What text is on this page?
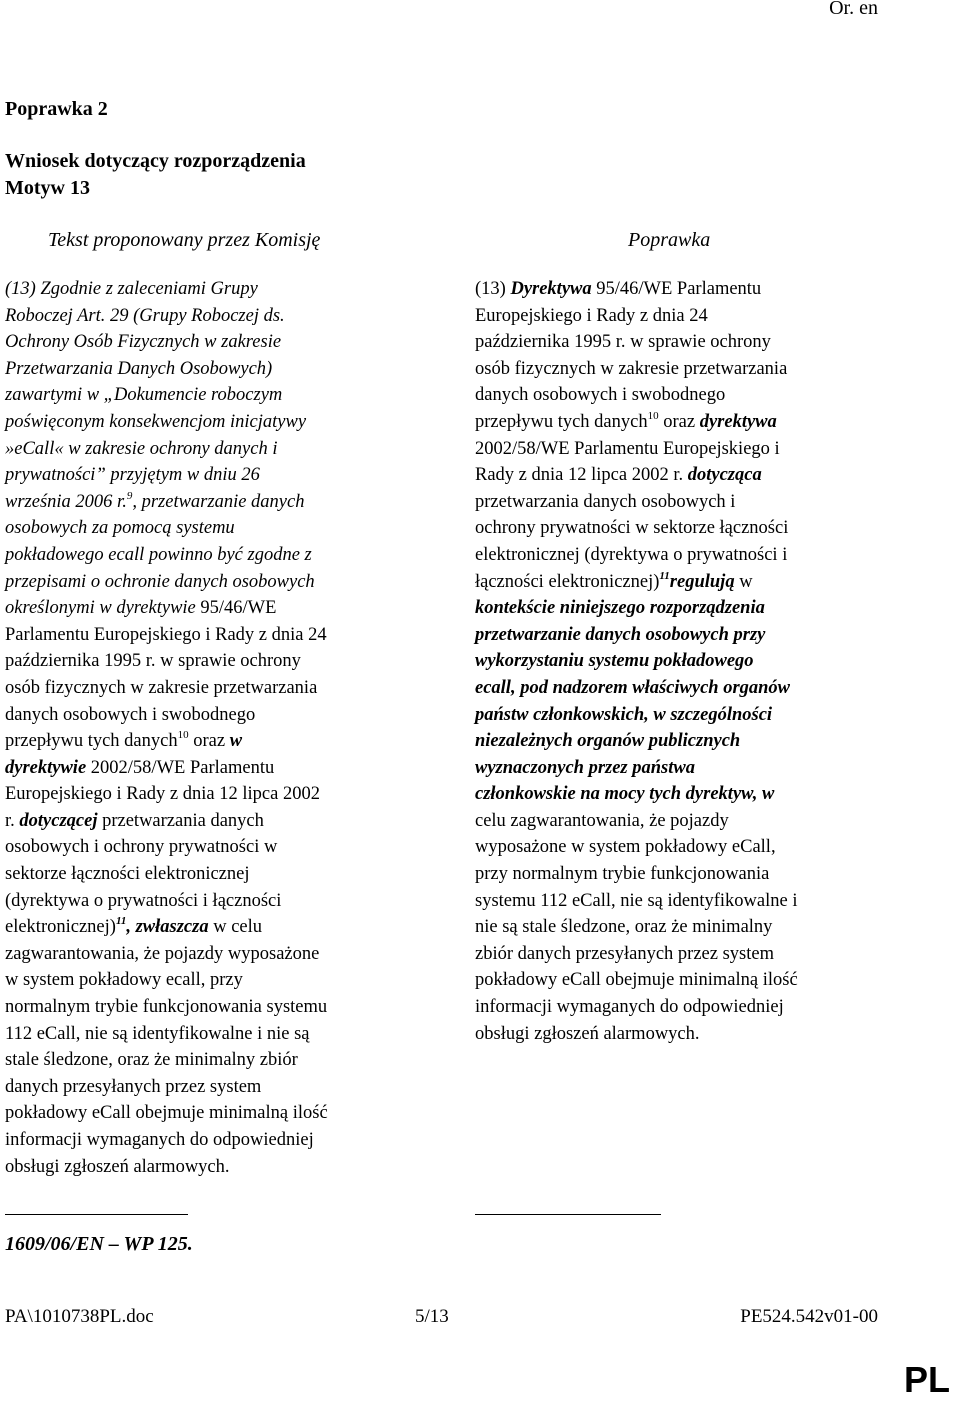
Or. en
Poprawka 2
Wniosek dotyczący rozporządzenia
Motyw 13
Tekst proponowany przez Komisję	Poprawka
(13) Zgodnie z zaleceniami Grupy
Roboczej Art. 29 (Grupy Roboczej ds.
Ochrony Osób Fizycznych w zakresie
Przetwarzania Danych Osobowych)
zawartymi w „Dokumencie roboczym
poświęconym konsekwencjom inicjatywy
»eCall« w zakresie ochrony danych i
prywatności” przyjętym w dniu 26
września 2006 r.$^9$, przetwarzanie danych
osobowych za pomocą systemu
pokładowego ecall powinno być zgodne z
przepisami o ochronie danych osobowych
określonymi w dyrektywie 95/46/WE
Parlamentu Europejskiego i Rady z dnia 24
października 1995 r. w sprawie ochrony
osób fizycznych w zakresie przetwarzania
danych osobowych i swobodnego
przepływu tych danych$^{10}$ oraz w
dyrektywie 2002/58/WE Parlamentu
Europejskiego i Rady z dnia 12 lipca 2002
r. dotyczącej przetwarzania danych
osobowych i ochrony prywatności w
sektorze łączności elektronicznej
(dyrektywa o prywatności i łączności
elektronicznej)$^{11}$, zwłaszcza w celu
zagwarantowania, że pojazdy wyposażone
w system pokładowy ecall, przy
normalnym trybie funkcjonowania systemu
112 eCall, nie są identyfikowalne i nie są
stale śledzone, oraz że minimalny zbiór
danych przesyłanych przez system
pokładowy eCall obejmuje minimalną ilość
informacji wymaganych do odpowiedniej
obsługi zgłoszeń alarmowych.
(13) Dyrektywa 95/46/WE Parlamentu
Europejskiego i Rady z dnia 24
października 1995 r. w sprawie ochrony
osób fizycznych w zakresie przetwarzania
danych osobowych i swobodnego
przepływu tych danych$^{10}$ oraz dyrektywa
2002/58/WE Parlamentu Europejskiego i
Rady z dnia 12 lipca 2002 r. dotycząca
przetwarzania danych osobowych i
ochrony prywatności w sektorze łączności
elektronicznej (dyrektywa o prywatności i
łączności elektronicznej)$^{11}$regulują w
kontekście niniejszego rozporządzenia
przetwarzanie danych osobowych przy
wykorzystaniu systemu pokładowego
ecall, pod nadzorem właściwych organów
państw członkowskich, w szczególności
niezależnych organów publicznych
wyznaczonych przez państwa
członkowskie na mocy tych dyrektyw, w
celu zagwarantowania, że pojazdy
wyposażone w system pokładowy eCall,
przy normalnym trybie funkcjonowania
systemu 112 eCall, nie są identyfikowalne i
nie są stale śledzone, oraz że minimalny
zbiór danych przesyłanych przez system
pokładowy eCall obejmuje minimalną ilość
informacji wymaganych do odpowiedniej
obsługi zgłoszeń alarmowych.
1609/06/EN – WP 125.
PA\1010738PL.doc	5/13	PE524.542v01-00
PL
